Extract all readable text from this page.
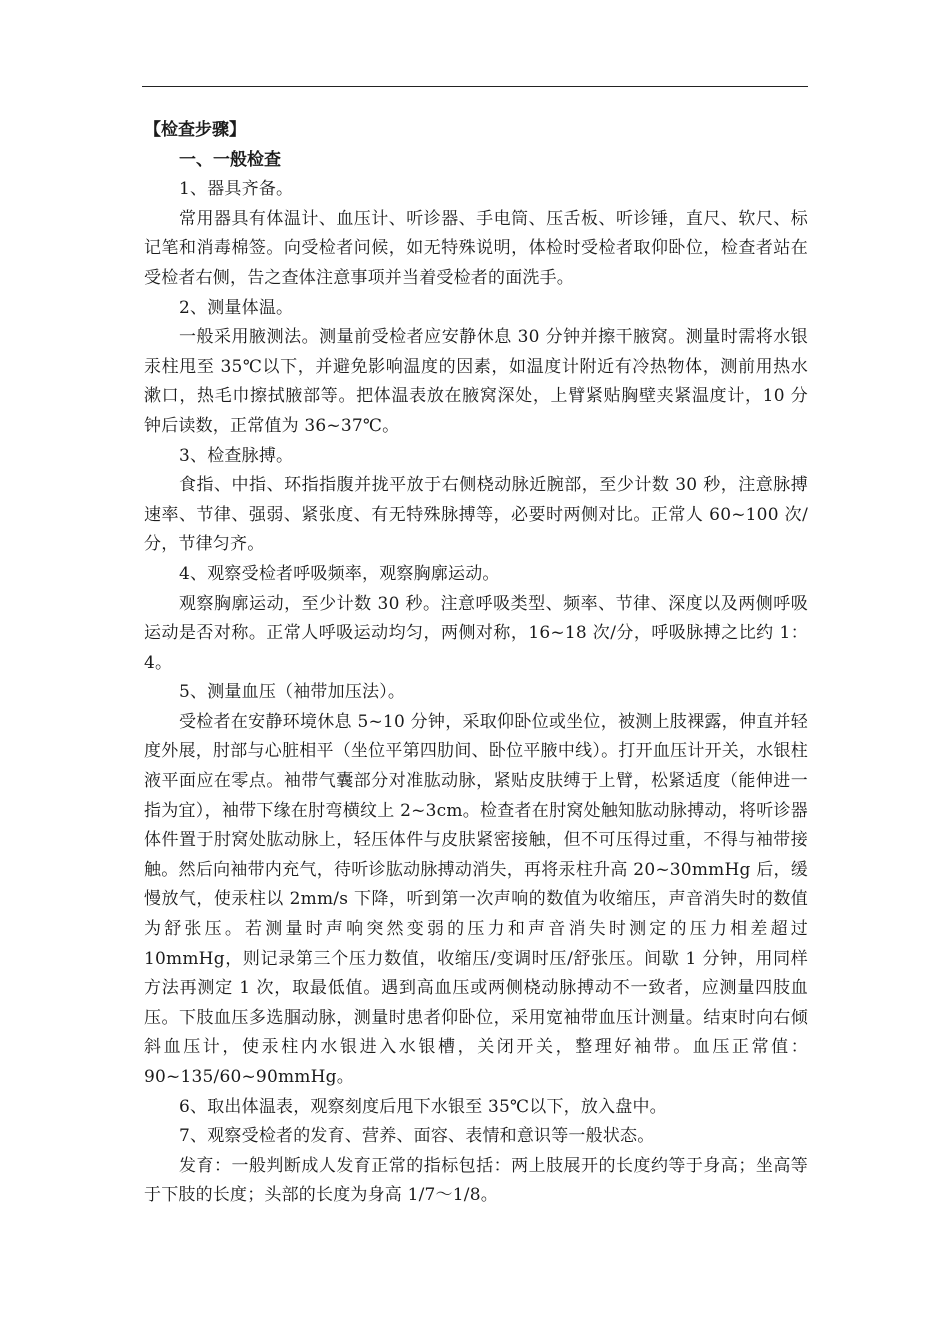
【检查步骤】

一、一般检查

1、器具齐备。

常用器具有体温计、血压计、听诊器、手电筒、压舌板、听诊锤，直尺、软尺、标记笔和消毒棉签。向受检者问候，如无特殊说明，体检时受检者取仰卧位，检查者站在受检者右侧，告之查体注意事项并当着受检者的面洗手。

2、测量体温。

一般采用腋测法。测量前受检者应安静休息 30 分钟并擦干腋窝。测量时需将水银汞柱甩至 35℃以下，并避免影响温度的因素，如温度计附近有冷热物体，测前用热水漱口，热毛巾擦拭腋部等。把体温表放在腋窝深处，上臂紧贴胸壁夹紧温度计，10 分钟后读数，正常值为 36~37℃。

3、检查脉搏。

食指、中指、环指指腹并拢平放于右侧桡动脉近腕部，至少计数 30 秒，注意脉搏速率、节律、强弱、紧张度、有无特殊脉搏等，必要时两侧对比。正常人 60~100 次/分，节律匀齐。

4、观察受检者呼吸频率，观察胸廓运动。

观察胸廓运动，至少计数 30 秒。注意呼吸类型、频率、节律、深度以及两侧呼吸运动是否对称。正常人呼吸运动均匀，两侧对称，16~18 次/分，呼吸脉搏之比约 1：4。

5、测量血压（袖带加压法）。

受检者在安静环境休息 5~10 分钟，采取仰卧位或坐位，被测上肢裸露，伸直并轻度外展，肘部与心脏相平（坐位平第四肋间、卧位平腋中线）。打开血压计开关，水银柱液平面应在零点。袖带气囊部分对准肱动脉，紧贴皮肤缚于上臂，松紧适度（能伸进一指为宜），袖带下缘在肘弯横纹上 2~3cm。检查者在肘窝处触知肱动脉搏动，将听诊器体件置于肘窝处肱动脉上，轻压体件与皮肤紧密接触，但不可压得过重，不得与袖带接触。然后向袖带内充气，待听诊肱动脉搏动消失，再将汞柱升高 20~30mmHg 后，缓慢放气，使汞柱以 2mm/s 下降，听到第一次声响的数值为收缩压，声音消失时的数值为舒张压。若测量时声响突然变弱的压力和声音消失时测定的压力相差超过 10mmHg，则记录第三个压力数值，收缩压/变调时压/舒张压。间歇 1 分钟，用同样方法再测定 1 次，取最低值。遇到高血压或两侧桡动脉搏动不一致者，应测量四肢血压。下肢血压多选腘动脉，测量时患者仰卧位，采用宽袖带血压计测量。结束时向右倾斜血压计，使汞柱内水银进入水银槽，关闭开关，整理好袖带。血压正常值：90~135/60~90mmHg。

6、取出体温表，观察刻度后甩下水银至 35℃以下，放入盘中。

7、观察受检者的发育、营养、面容、表情和意识等一般状态。

发育：一般判断成人发育正常的指标包括：两上肢展开的长度约等于身高；坐高等于下肢的长度；头部的长度为身高 1/7～1/8。
